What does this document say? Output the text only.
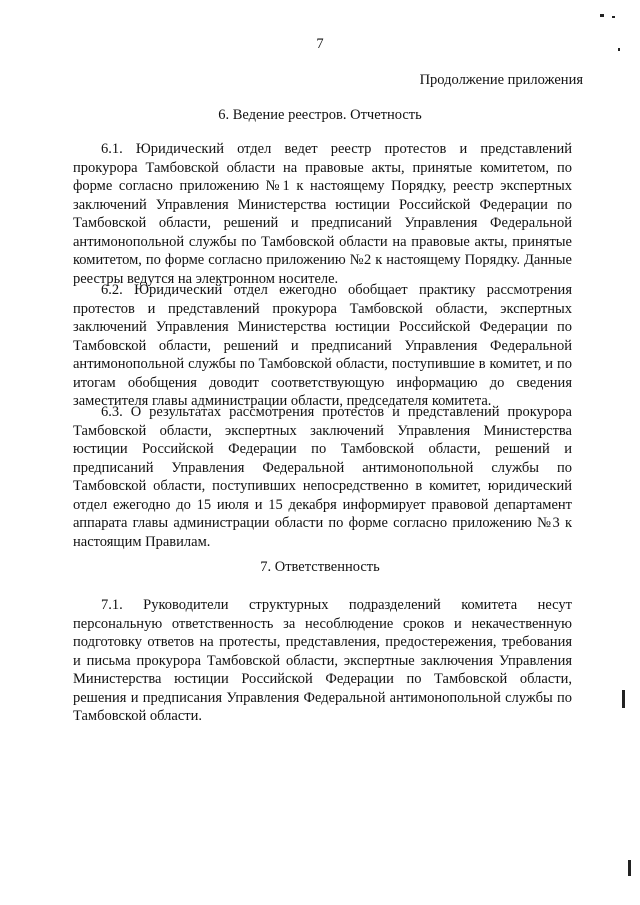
7
Продолжение приложения
6. Ведение реестров. Отчетность

6.1. Юридический отдел ведет реестр протестов и представлений прокурора Тамбовской области на правовые акты, принятые комитетом, по форме согласно приложению №1 к настоящему Порядку, реестр экспертных заключений Управления Министерства юстиции Российской Федерации по Тамбовской области, решений и предписаний Управления Федеральной антимонопольной службы по Тамбовской области на правовые акты, принятые комитетом, по форме согласно приложению №2 к настоящему Порядку. Данные реестры ведутся на электронном носителе.

6.2. Юридический отдел ежегодно обобщает практику рассмотрения протестов и представлений прокурора Тамбовской области, экспертных заключений Управления Министерства юстиции Российской Федерации по Тамбовской области, решений и предписаний Управления Федеральной антимонопольной службы по Тамбовской области, поступившие в комитет, и по итогам обобщения доводит соответствующую информацию до сведения заместителя главы администрации области, председателя комитета.

6.3. О результатах рассмотрения протестов и представлений прокурора Тамбовской области, экспертных заключений Управления Министерства юстиции Российской Федерации по Тамбовской области, решений и предписаний Управления Федеральной антимонопольной службы по Тамбовской области, поступивших непосредственно в комитет, юридический отдел ежегодно до 15 июля и 15 декабря информирует правовой департамент аппарата главы администрации области по форме согласно приложению №3 к настоящим Правилам.

7. Ответственность

7.1. Руководители структурных подразделений комитета несут персональную ответственность за несоблюдение сроков и некачественную подготовку ответов на протесты, представления, предостережения, требования и письма прокурора Тамбовской области, экспертные заключения Управления Министерства юстиции Российской Федерации по Тамбовской области, решения и предписания Управления Федеральной антимонопольной службы по Тамбовской области.
